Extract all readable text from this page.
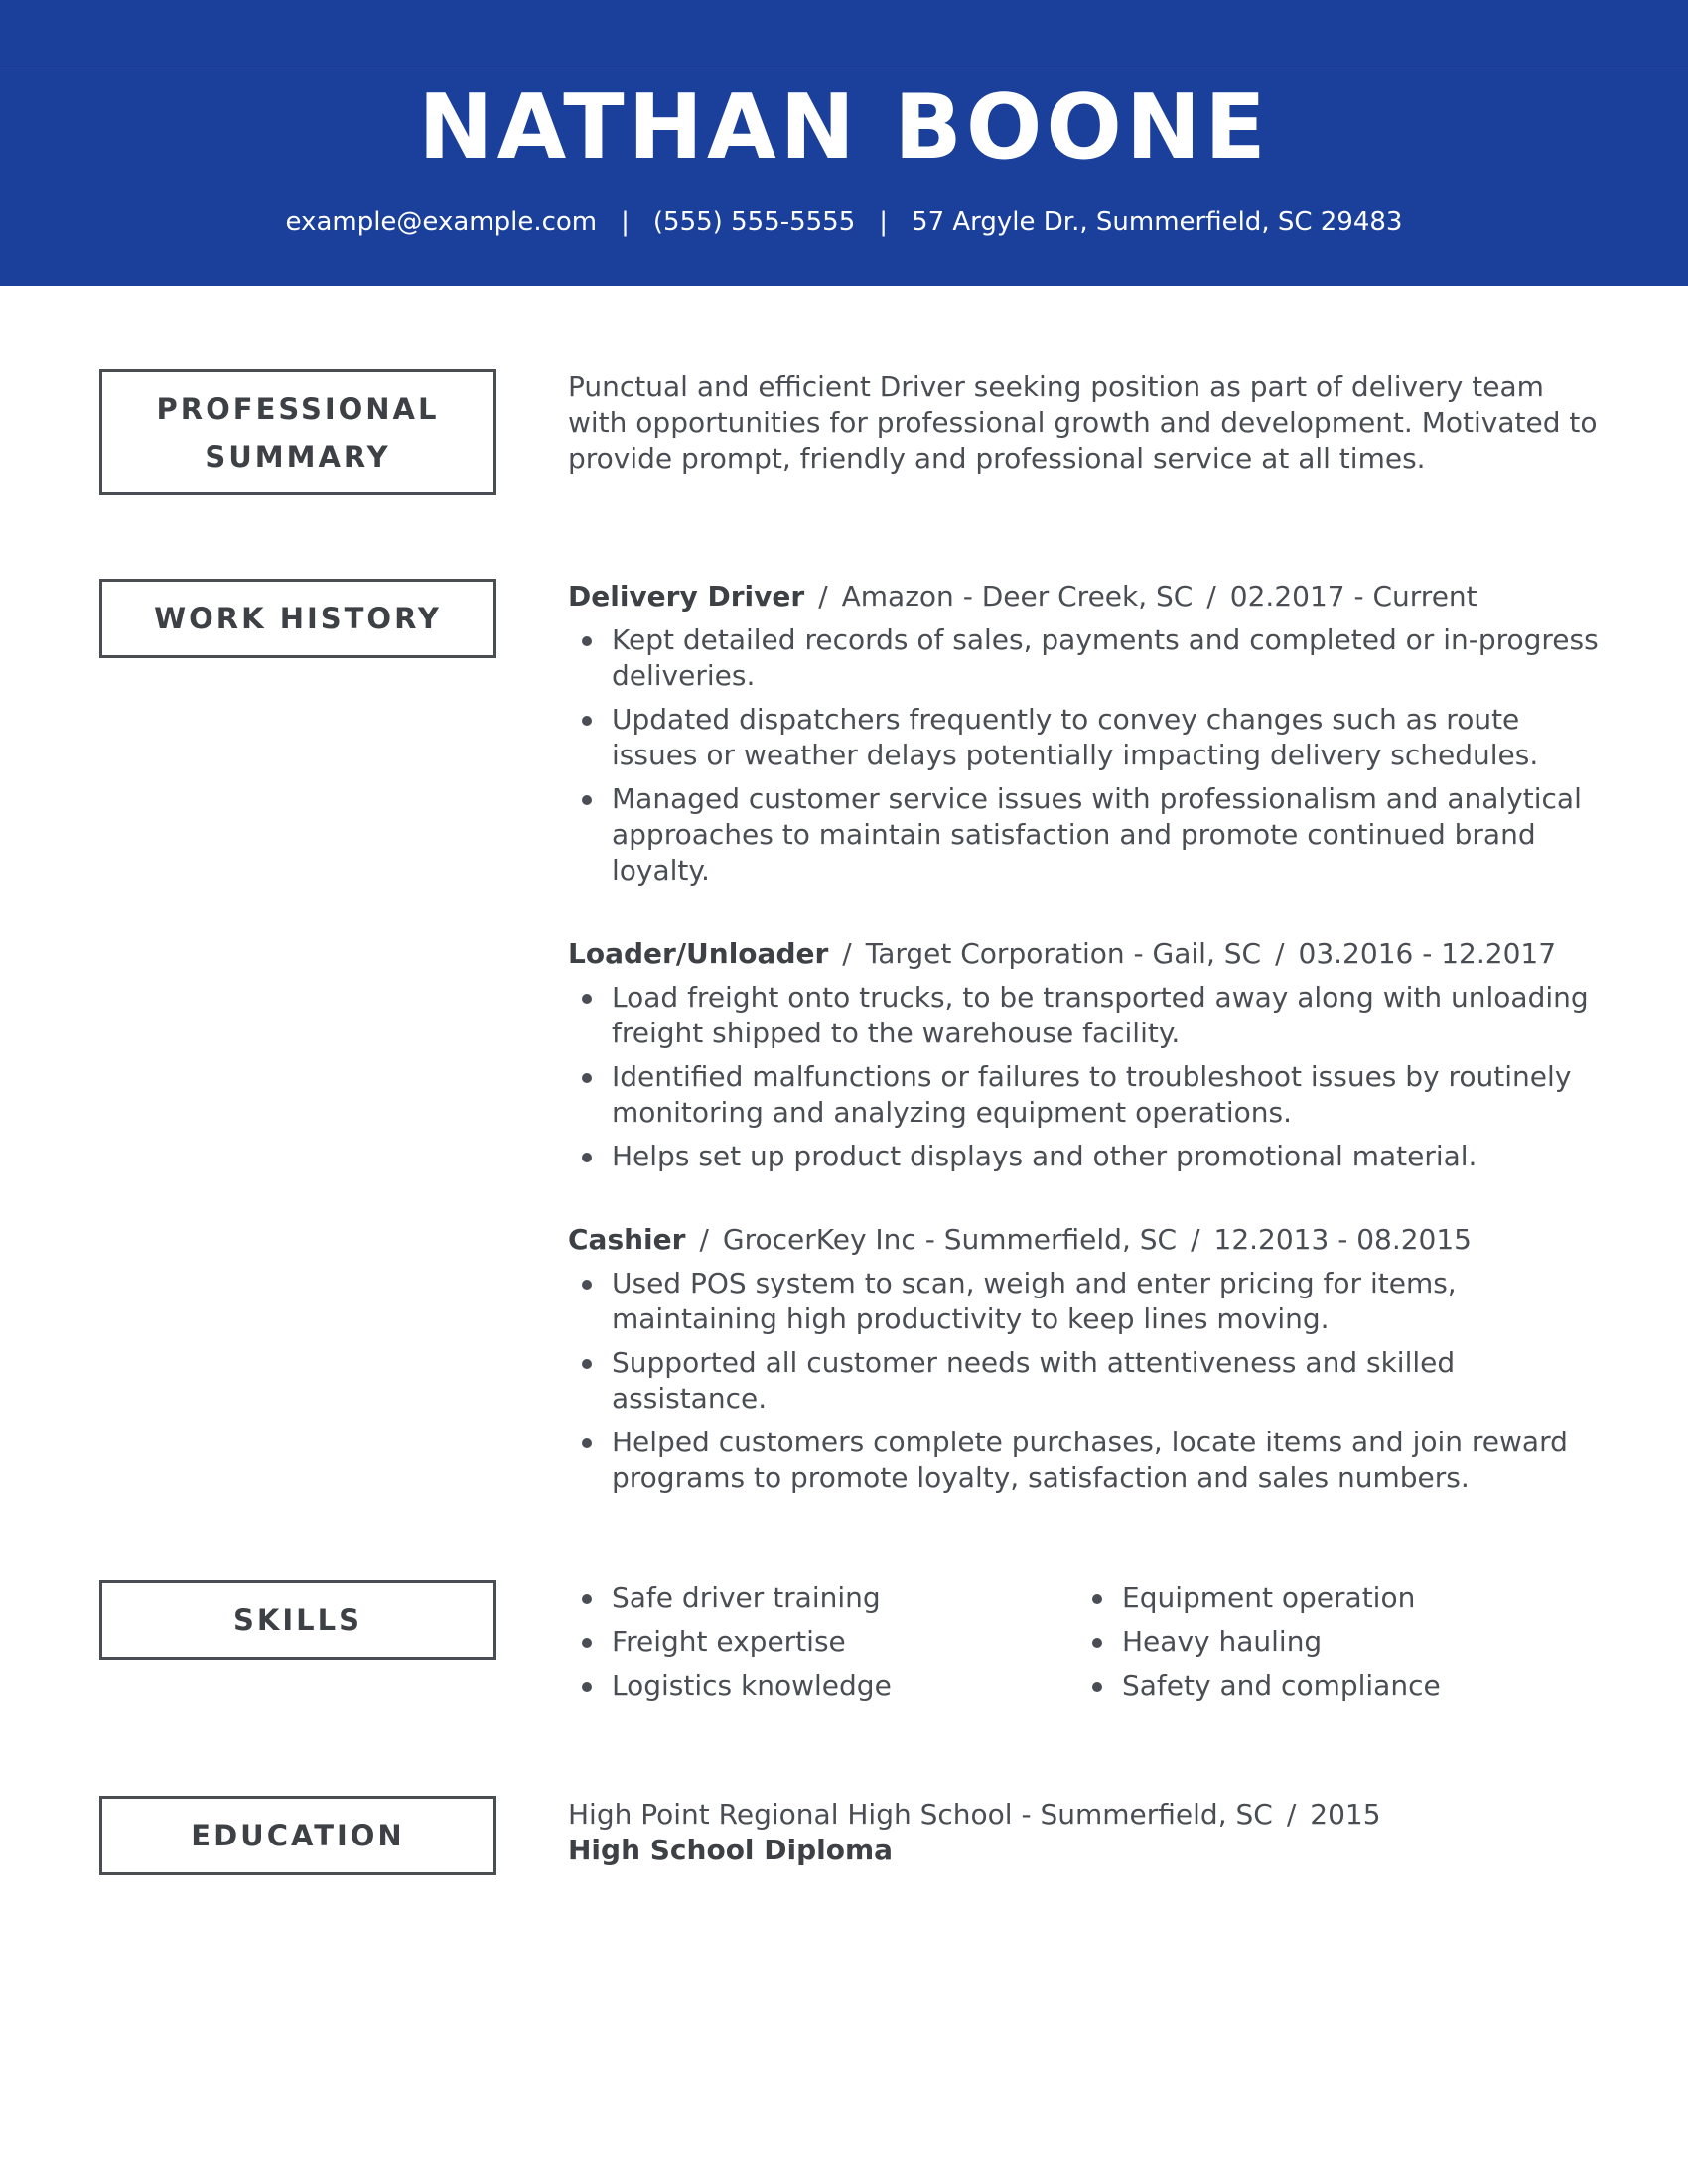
NATHAN BOONE
example@example.com | (555) 555-5555 | 57 Argyle Dr., Summerfield, SC 29483
PROFESSIONAL
SUMMARY

Punctual and efficient Driver seeking position as part of delivery team with opportunities for professional growth and development. Motivated to provide prompt, friendly and professional service at all times.

WORK HISTORY

Delivery Driver / Amazon - Deer Creek, SC / 02.2017 - Current

Kept detailed records of sales, payments and completed or in-progress deliveries.
Updated dispatchers frequently to convey changes such as route issues or weather delays potentially impacting delivery schedules.
Managed customer service issues with professionalism and analytical approaches to maintain satisfaction and promote continued brand loyalty.

Loader/Unloader / Target Corporation - Gail, SC / 03.2016 - 12.2017

Load freight onto trucks, to be transported away along with unloading freight shipped to the warehouse facility.
Identified malfunctions or failures to troubleshoot issues by routinely monitoring and analyzing equipment operations.
Helps set up product displays and other promotional material.

Cashier / GrocerKey Inc - Summerfield, SC / 12.2013 - 08.2015

Used POS system to scan, weigh and enter pricing for items, maintaining high productivity to keep lines moving.
Supported all customer needs with attentiveness and skilled assistance.
Helped customers complete purchases, locate items and join reward programs to promote loyalty, satisfaction and sales numbers.
SKILLS
Safe driver training
Freight expertise
Logistics knowledge
Equipment operation
Heavy hauling
Safety and compliance
EDUCATION

High Point Regional High School - Summerfield, SC / 2015

High School Diploma
